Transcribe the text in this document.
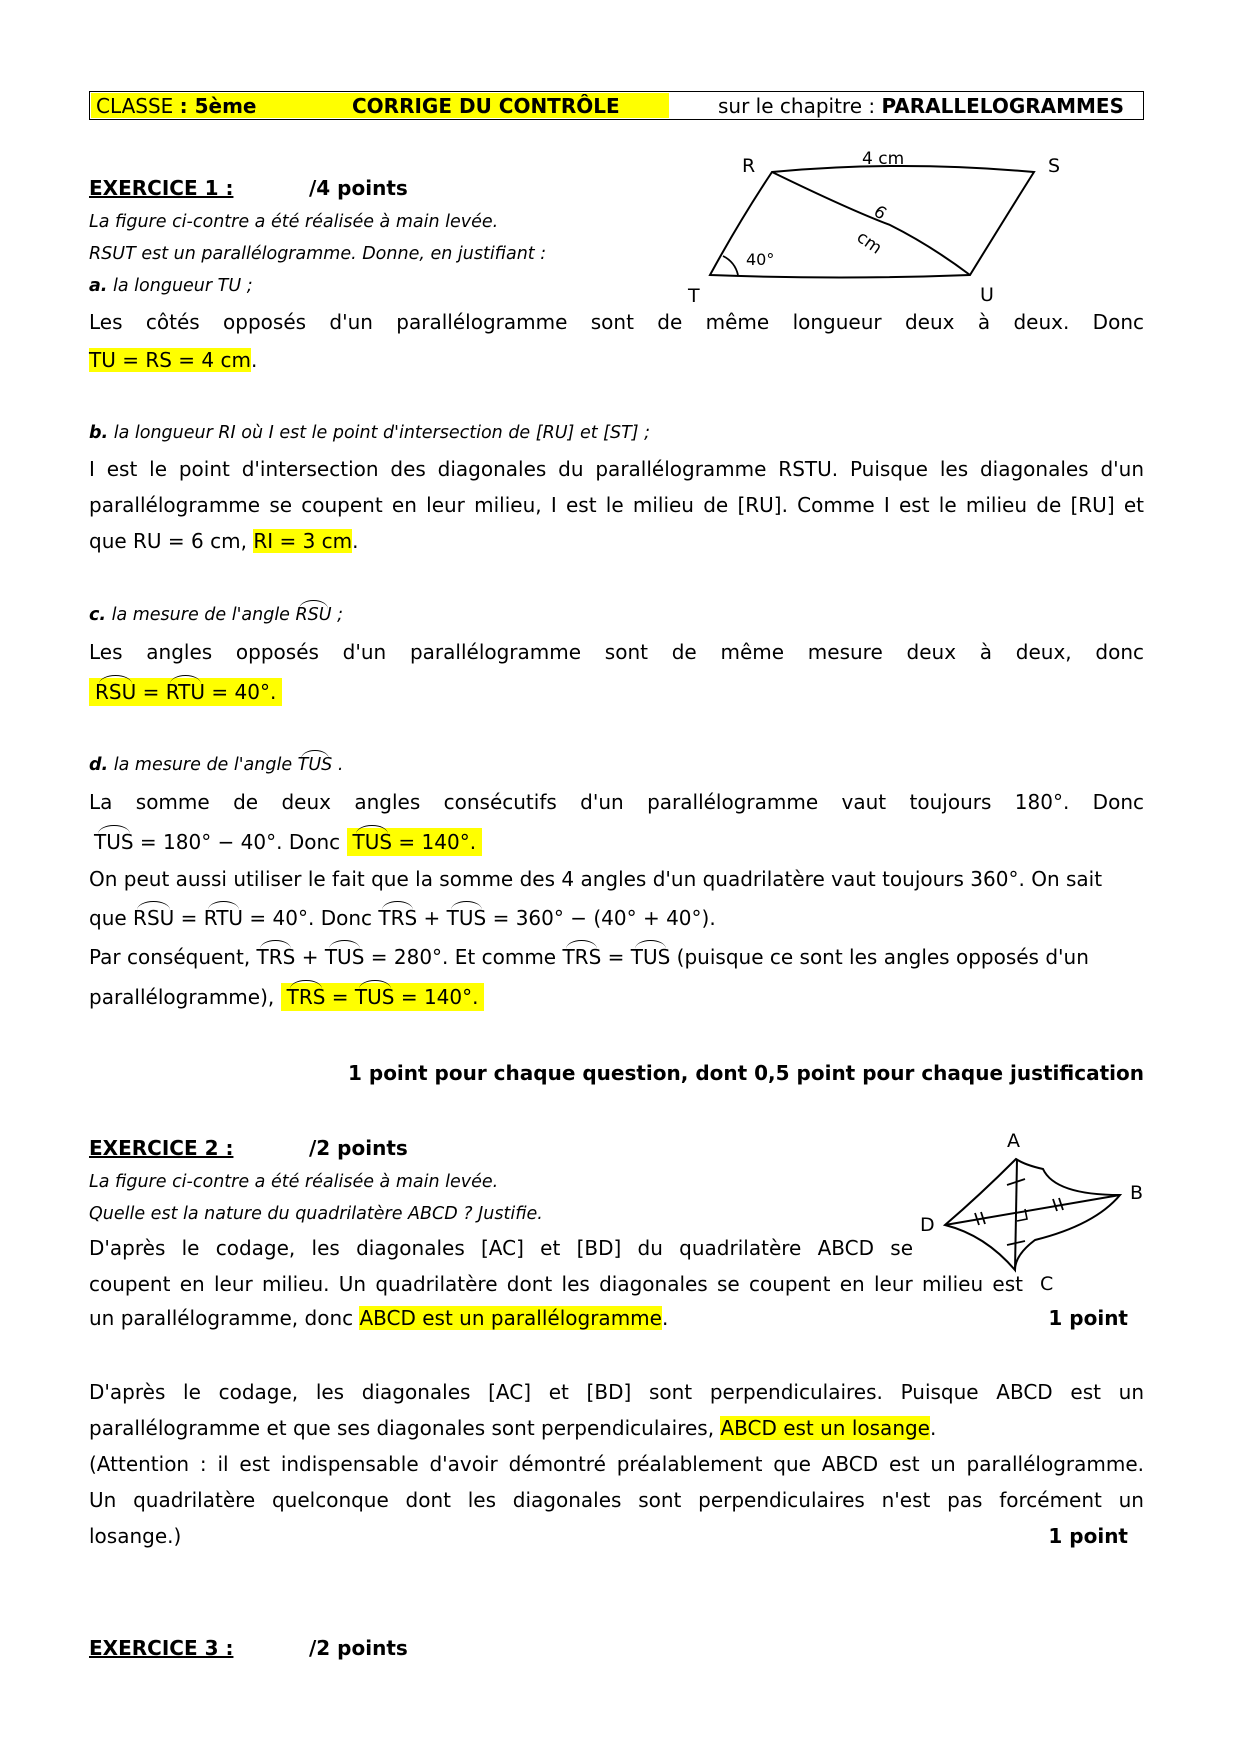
CLASSE : 5ème	CORRIGE DU CONTRÔLE	sur le chapitre : PARALLELOGRAMMES
EXERCICE 1 :	/4 points
La figure ci-contre a été réalisée à main levée.
RSUT est un parallélogramme. Donne, en justifiant :
a. la longueur TU ;
R	S
T	U
4 cm
6
cm
40°
Les côtés opposés d'un parallélogramme sont de même longueur deux à deux. Donc
TU = RS = 4 cm.
b. la longueur RI où I est le point d'intersection de [RU] et [ST] ;
I est le point d'intersection des diagonales du parallélogramme RSTU. Puisque les diagonales d'un
parallélogramme se coupent en leur milieu, I est le milieu de [RU]. Comme I est le milieu de [RU] et
que RU = 6 cm, RI = 3 cm.
c. la mesure de l'angle RSU ;
Les angles opposés d'un parallélogramme sont de même mesure deux à deux, donc
RSU = RTU = 40°.
d. la mesure de l'angle TUS .
La somme de deux angles consécutifs d'un parallélogramme vaut toujours 180°. Donc
TUS = 180° − 40°. Donc TUS = 140°.
On peut aussi utiliser le fait que la somme des 4 angles d'un quadrilatère vaut toujours 360°. On sait
que RSU = RTU = 40°. Donc TRS + TUS = 360° − (40° + 40°).
Par conséquent, TRS + TUS = 280°. Et comme TRS = TUS (puisque ce sont les angles opposés d'un
parallélogramme), TRS = TUS = 140°.
1 point pour chaque question, dont 0,5 point pour chaque justification
EXERCICE 2 :	/2 points
La figure ci-contre a été réalisée à main levée.
Quelle est la nature du quadrilatère ABCD ? Justifie.
A
B
C
D
D'après le codage, les diagonales [AC] et [BD] du quadrilatère ABCD se
coupent en leur milieu. Un quadrilatère dont les diagonales se coupent en leur milieu est
un parallélogramme, donc ABCD est un parallélogramme.	1 point
D'après le codage, les diagonales [AC] et [BD] sont perpendiculaires. Puisque ABCD est un
parallélogramme et que ses diagonales sont perpendiculaires, ABCD est un losange.
(Attention : il est indispensable d'avoir démontré préalablement que ABCD est un parallélogramme.
Un quadrilatère quelconque dont les diagonales sont perpendiculaires n'est pas forcément un
losange.)	1 point
EXERCICE 3 :	/2 points
